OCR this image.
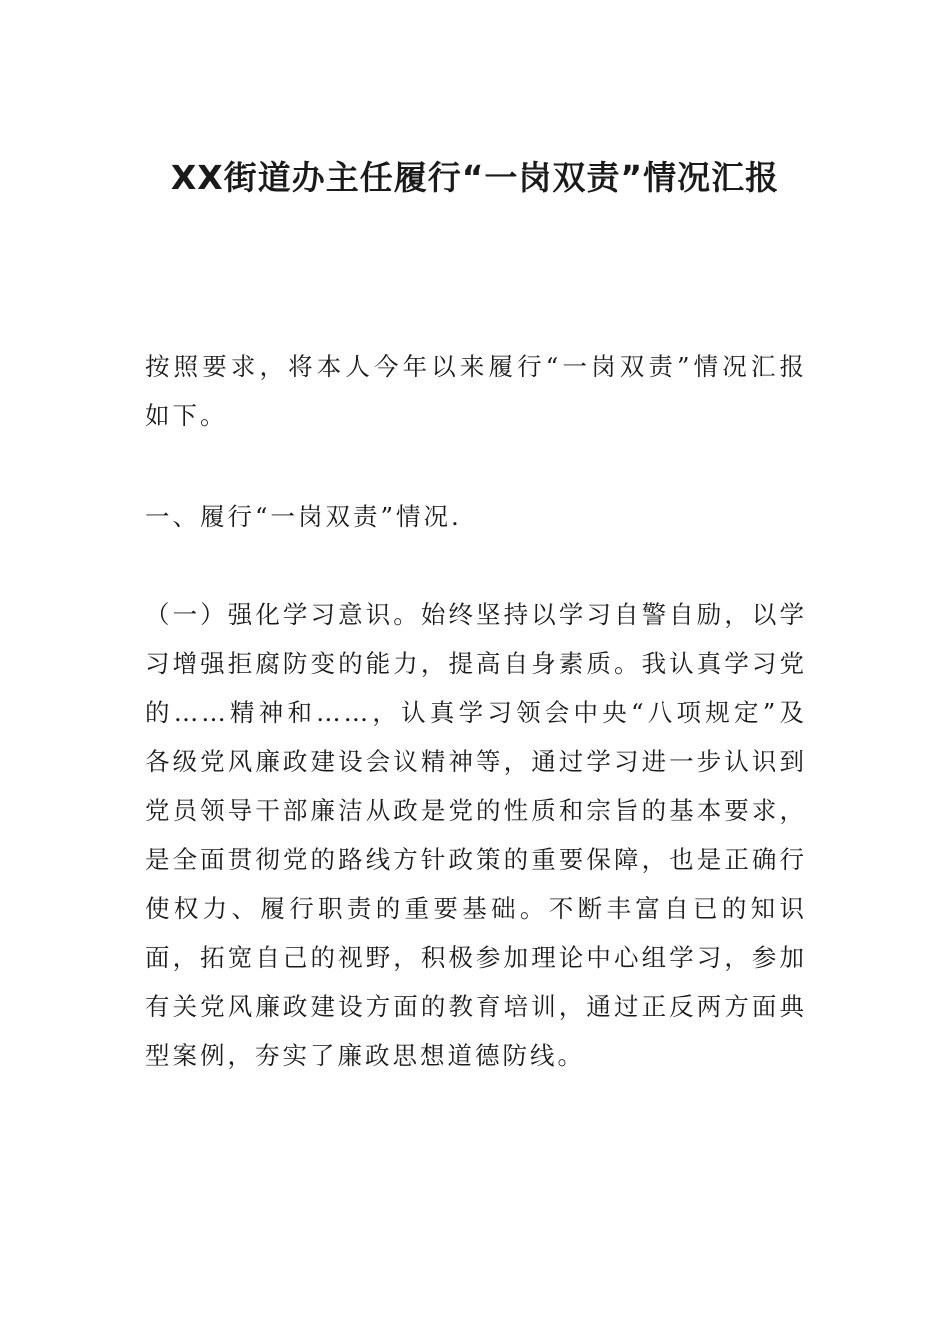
XX街道办主任履行“一岗双责”情况汇报

按照要求，将本人今年以来履行“一岗双责”情况汇报如下。

一、履行“一岗双责”情况.

（一）强化学习意识。始终坚持以学习自警自励，以学习增强拒腐防变的能力，提高自身素质。我认真学习党的……精神和……，认真学习领会中央“八项规定”及各级党风廉政建设会议精神等，通过学习进一步认识到党员领导干部廉洁从政是党的性质和宗旨的基本要求，是全面贯彻党的路线方针政策的重要保障，也是正确行使权力、履行职责的重要基础。不断丰富自已的知识面，拓宽自己的视野，积极参加理论中心组学习，参加有关党风廉政建设方面的教育培训，通过正反两方面典型案例，夯实了廉政思想道德防线。
